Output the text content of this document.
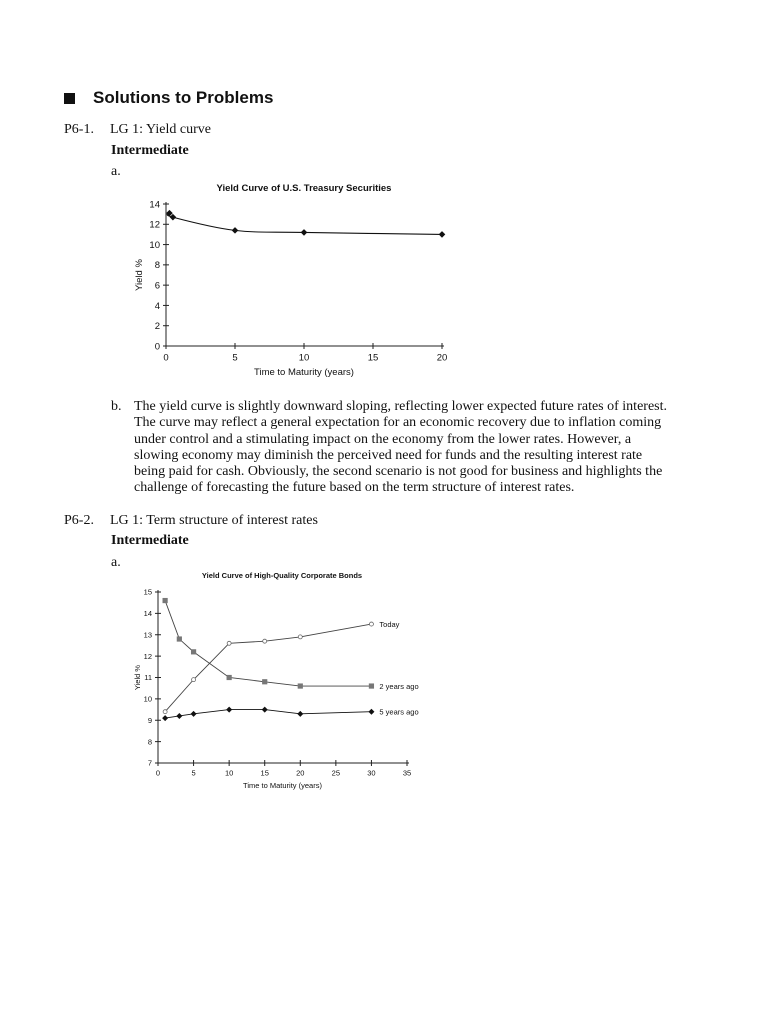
Solutions to Problems
P6-1. LG 1: Yield curve
Intermediate
a.
b. The yield curve is slightly downward sloping, reflecting lower expected future rates of interest. The curve may reflect a general expectation for an economic recovery due to inflation coming under control and a stimulating impact on the economy from the lower rates. However, a slowing economy may diminish the perceived need for funds and the resulting interest rate being paid for cash. Obviously, the second scenario is not good for business and highlights the challenge of forecasting the future based on the term structure of interest rates.
P6-2. LG 1: Term structure of interest rates
Intermediate
a.
Yield Curve of U.S. Treasury Securities
0
2
4
6
8
10
12
14
0	5	10	15	20
Time to Maturity (years)
Yield %
Yield Curve of High-Quality Corporate Bonds
7
8
9
10
11
12
13
14
15
0	5	10	15	20	25	30	35
Time to Maturity (years)
Yield %
Today
2 years ago
5 years ago
